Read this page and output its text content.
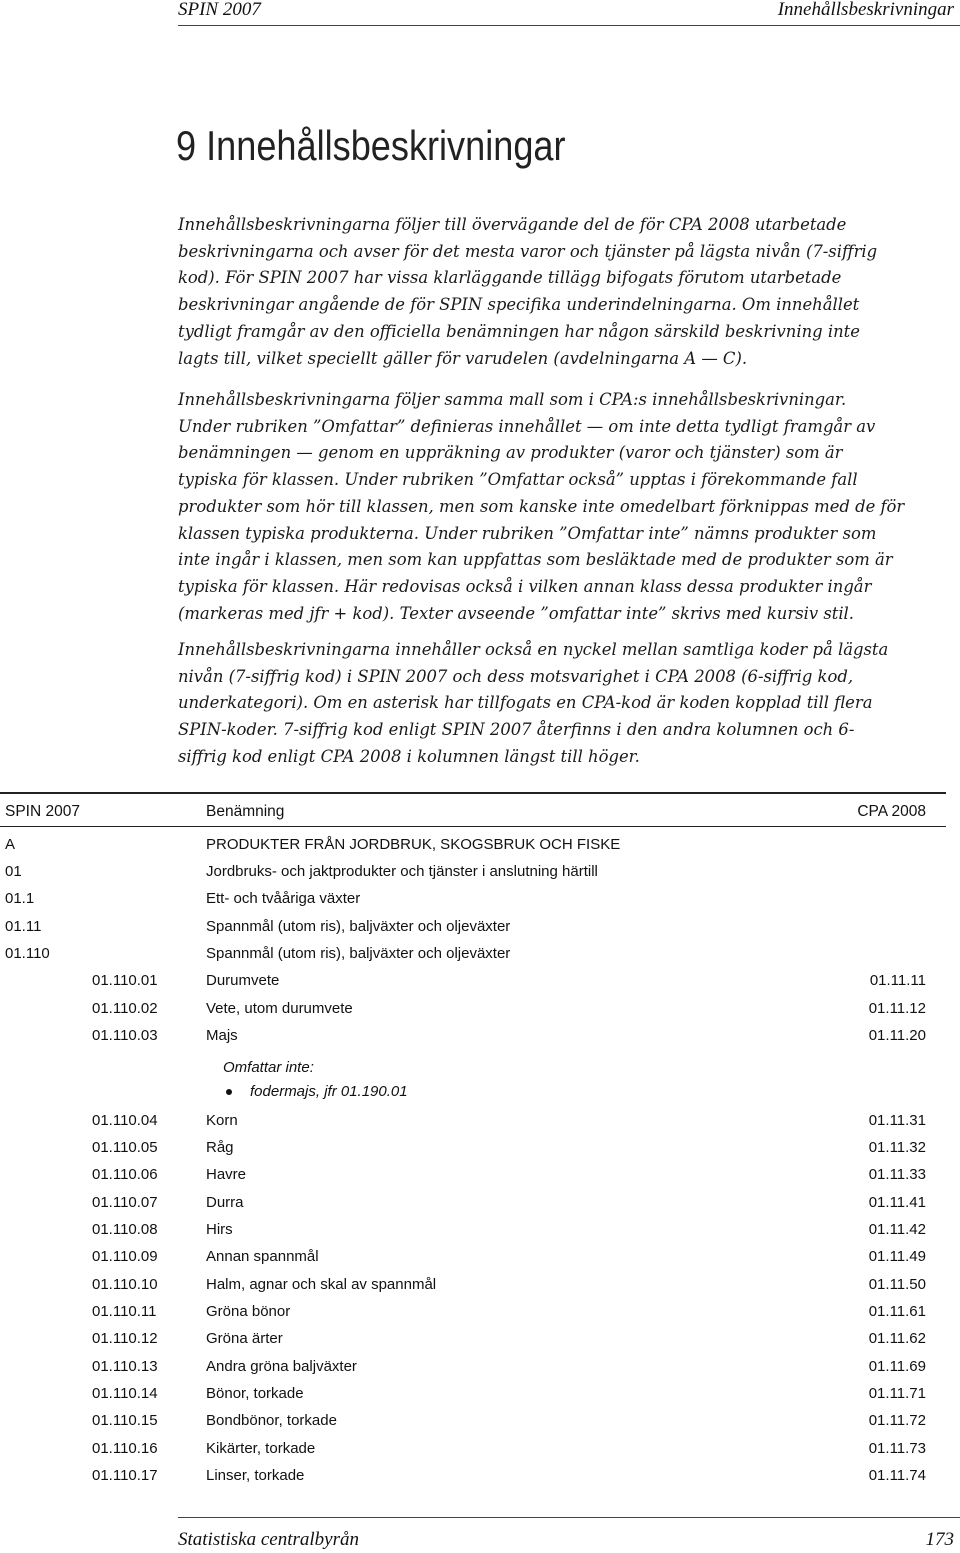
SPIN 2007	Innehållsbeskrivningar
9 Innehållsbeskrivningar
Innehållsbeskrivningarna följer till övervägande del de för CPA 2008 utarbetade
beskrivningarna och avser för det mesta varor och tjänster på lägsta nivån (7-siffrig
kod). För SPIN 2007 har vissa klarläggande tillägg bifogats förutom utarbetade
beskrivningar angående de för SPIN specifika underindelningarna. Om innehållet
tydligt framgår av den officiella benämningen har någon särskild beskrivning inte
lagts till, vilket speciellt gäller för varudelen (avdelningarna A — C).
Innehållsbeskrivningarna följer samma mall som i CPA:s innehållsbeskrivningar.
Under rubriken ”Omfattar” definieras innehållet — om inte detta tydligt framgår av
benämningen — genom en uppräkning av produkter (varor och tjänster) som är
typiska för klassen. Under rubriken ”Omfattar också” upptas i förekommande fall
produkter som hör till klassen, men som kanske inte omedelbart förknippas med de för
klassen typiska produkterna. Under rubriken ”Omfattar inte” nämns produkter som
inte ingår i klassen, men som kan uppfattas som besläktade med de produkter som är
typiska för klassen. Här redovisas också i vilken annan klass dessa produkter ingår
(markeras med jfr + kod). Texter avseende ”omfattar inte” skrivs med kursiv stil.
Innehållsbeskrivningarna innehåller också en nyckel mellan samtliga koder på lägsta
nivån (7-siffrig kod) i SPIN 2007 och dess motsvarighet i CPA 2008 (6-siffrig kod,
underkategori). Om en asterisk har tillfogats en CPA-kod är koden kopplad till flera
SPIN-koder. 7-siffrig kod enligt SPIN 2007 återfinns i den andra kolumnen och 6-
siffrig kod enligt CPA 2008 i kolumnen längst till höger.
SPIN 2007	Benämning	CPA 2008
A	PRODUKTER FRÅN JORDBRUK, SKOGSBRUK OCH FISKE
01	Jordbruks- och jaktprodukter och tjänster i anslutning härtill
01.1	Ett- och tvååriga växter
01.11	Spannmål (utom ris), baljväxter och oljeväxter
01.110	Spannmål (utom ris), baljväxter och oljeväxter
01.110.01	Durumvete	01.11.11
01.110.02	Vete, utom durumvete	01.11.12
01.110.03	Majs	01.11.20
01.110.04	Korn	01.11.31
01.110.05	Råg	01.11.32
01.110.06	Havre	01.11.33
01.110.07	Durra	01.11.41
01.110.08	Hirs	01.11.42
01.110.09	Annan spannmål	01.11.49
01.110.10	Halm, agnar och skal av spannmål	01.11.50
01.110.11	Gröna bönor	01.11.61
01.110.12	Gröna ärter	01.11.62
01.110.13	Andra gröna baljväxter	01.11.69
01.110.14	Bönor, torkade	01.11.71
01.110.15	Bondbönor, torkade	01.11.72
01.110.16	Kikärter, torkade	01.11.73
01.110.17	Linser, torkade	01.11.74
Omfattar inte:
fodermajs, jfr 01.190.01
Statistiska centralbyrån	173
